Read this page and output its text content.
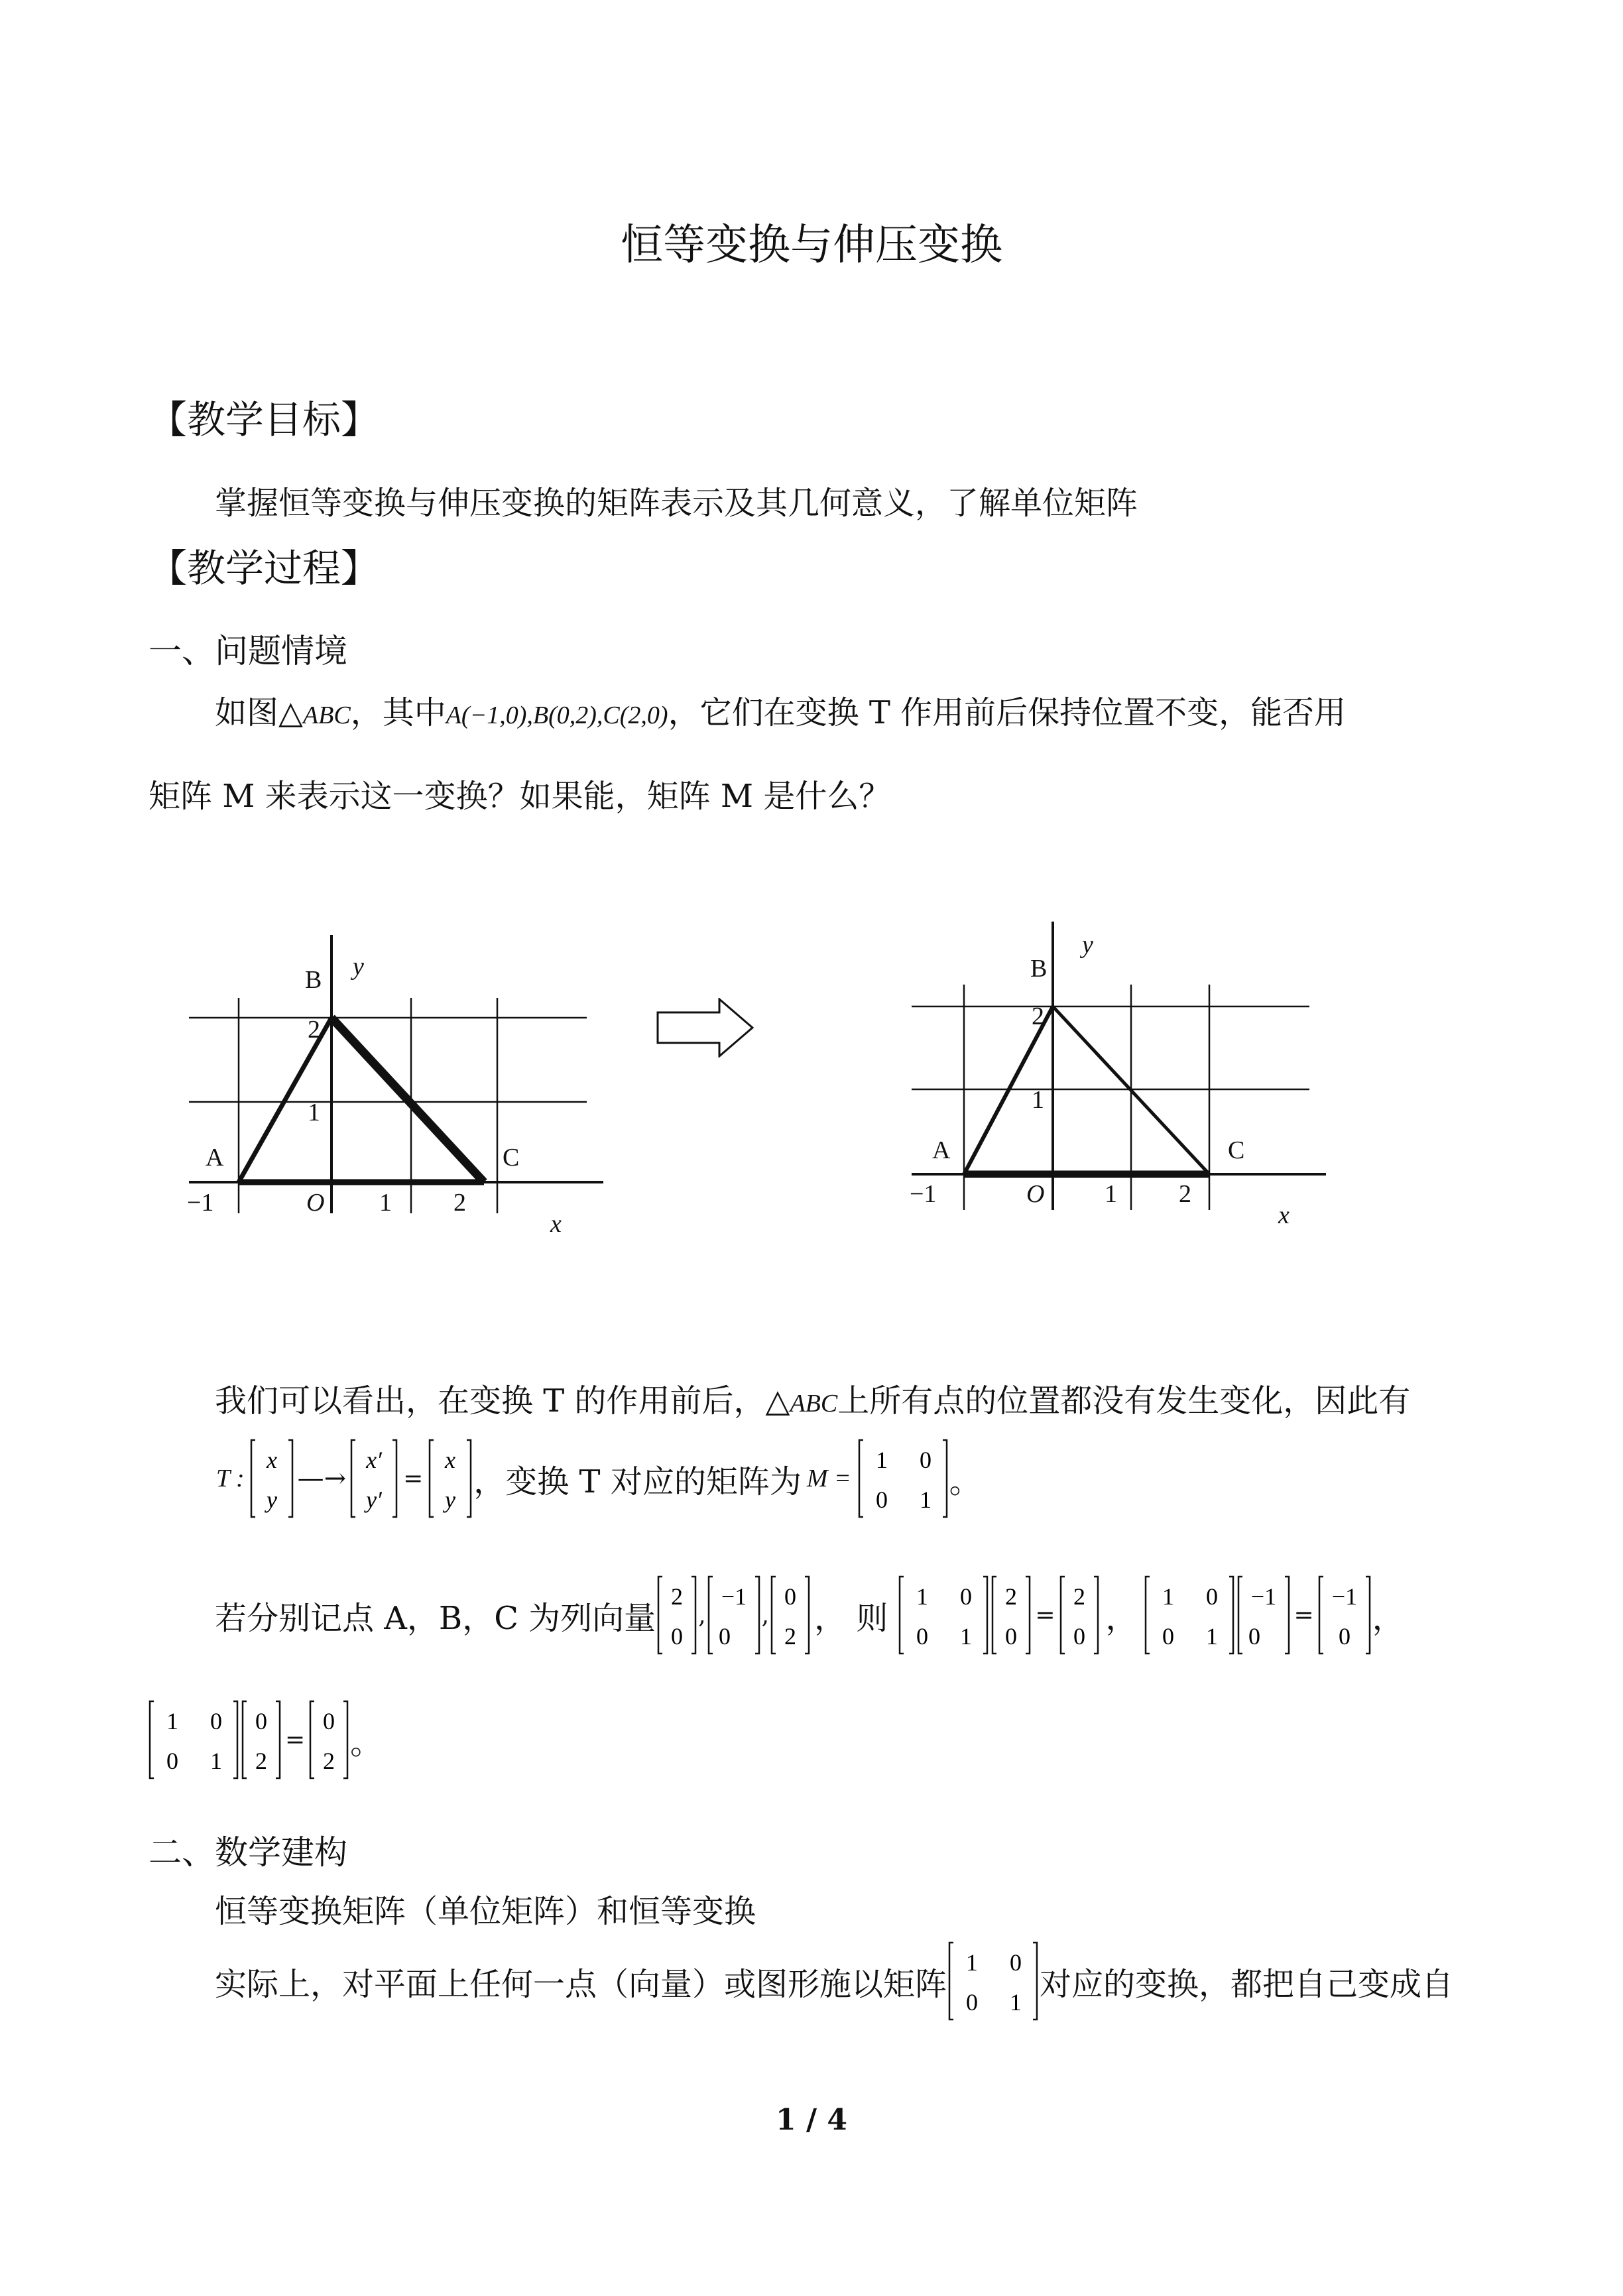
恒等变换与伸压变换
【教学目标】
掌握恒等变换与伸压变换的矩阵表示及其几何意义，了解单位矩阵
【教学过程】
一、问题情境
如图△ABC，其中A(−1,0),B(0,2),C(2,0)，它们在变换 T 作用前后保持位置不变，能否用
矩阵 M 来表示这一变换？如果能，矩阵 M 是什么？
y
B
2
1
A	C
−1	O 1 2
x
y
B
2
1
A	C
−1	O 1 2
x
我们可以看出，在变换 T 的作用前后，△ABC上所有点的位置都没有发生变化，因此有
T :
x
y
—→
x′
y′
=
x
y ，变换 T 对应的矩阵为 M =
1 0
0 1 。
若分别记点 A，B，C 为列向量
2
0
,
−1
0
,
0
2 ， 则
1 0
0 1
2
0
=
2
0 ，
1 0
0 1
−1
0
=
−1
0 ，
1 0
0 1
0
2
=
0
2 。
二、数学建构
恒等变换矩阵（单位矩阵）和恒等变换
实际上，对平面上任何一点（向量）或图形施以矩阵
1 0
0 1 对应的变换，都把自己变成自
1 / 4
